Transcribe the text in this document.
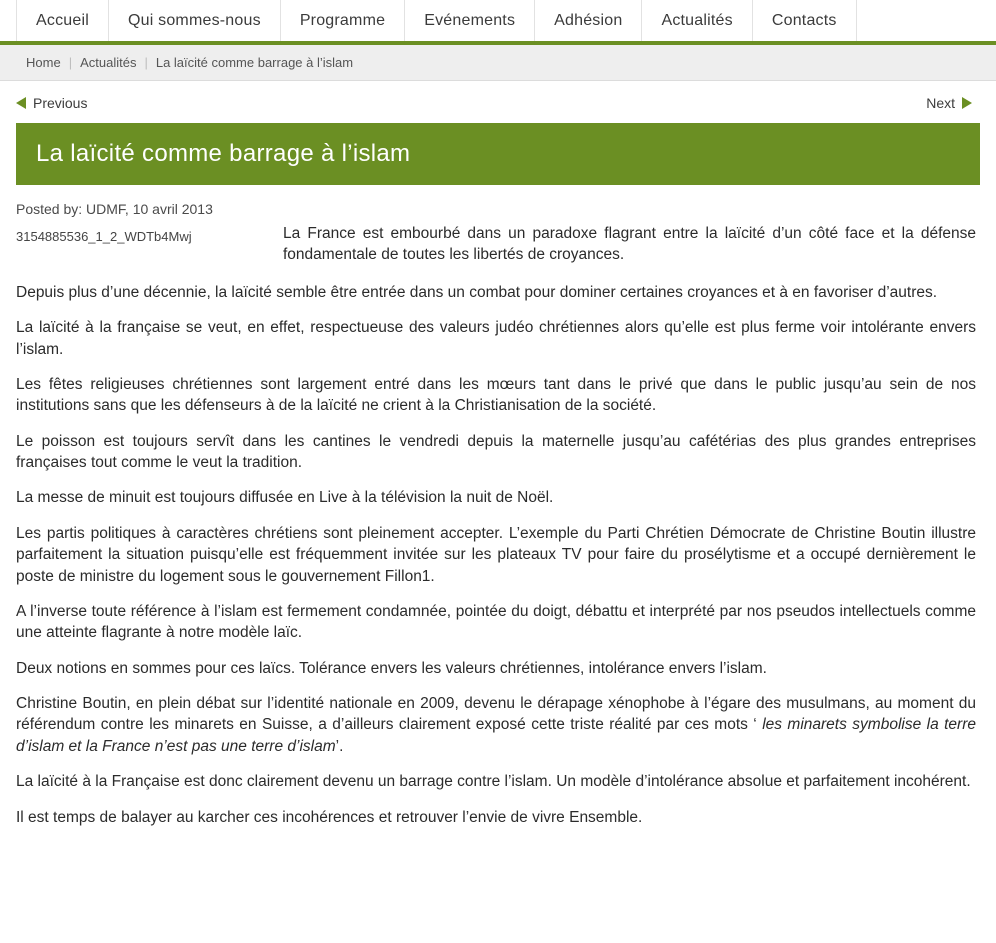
Accueil	Qui sommes-nous	Programme	Evénements	Adhésion	Actualités	Contacts
Home | Actualités | La laïcité comme barrage à l’islam
Previous	Next
La laïcité comme barrage à l’islam
Posted by: UDMF, 10 avril 2013
3154885536_1_2_WDTb4Mwj	La France est embourbé dans un paradoxe flagrant entre la laïcité d’un côté face et la défense fondamentale de toutes les libertés de croyances.

Depuis plus d’une décennie, la laïcité semble être entrée dans un combat pour dominer certaines croyances et à en favoriser d’autres.

La laïcité à la française se veut, en effet, respectueuse des valeurs judéo chrétiennes alors qu’elle est plus ferme voir intolérante envers l’islam.

Les fêtes religieuses chrétiennes sont largement entré dans les mœurs tant dans le privé que dans le public jusqu’au sein de nos institutions sans que les défenseurs à de la laïcité ne crient à la Christianisation de la société.

Le poisson est toujours servît dans les cantines le vendredi depuis la maternelle jusqu’au cafétérias des plus grandes entreprises françaises tout comme le veut la tradition.

La messe de minuit est toujours diffusée en Live à la télévision la nuit de Noël.

Les partis politiques à caractères chrétiens sont pleinement accepter. L’exemple du Parti Chrétien Démocrate de Christine Boutin illustre parfaitement la situation puisqu’elle est fréquemment invitée sur les plateaux TV pour faire du prosélytisme et a occupé dernièrement le poste de ministre du logement sous le gouvernement Fillon1.

A l’inverse toute référence à l’islam est fermement condamnée, pointée du doigt, débattu et interprété par nos pseudos intellectuels comme une atteinte flagrante à notre modèle laïc.

Deux notions en sommes pour ces laïcs. Tolérance envers les valeurs chrétiennes, intolérance envers l’islam.

Christine Boutin, en plein débat sur l’identité nationale en 2009, devenu le dérapage xénophobe à l’égare des musulmans, au moment du référendum contre les minarets en Suisse, a d’ailleurs clairement exposé cette triste réalité par ces mots ‘ les minarets symbolise la terre d’islam et la France n’est pas une terre d’islam’.

La laïcité à la Française est donc clairement devenu un barrage contre l’islam. Un modèle d’intolérance absolue et parfaitement incohérent.

Il est temps de balayer au karcher ces incohérences et retrouver l’envie de vivre Ensemble.
